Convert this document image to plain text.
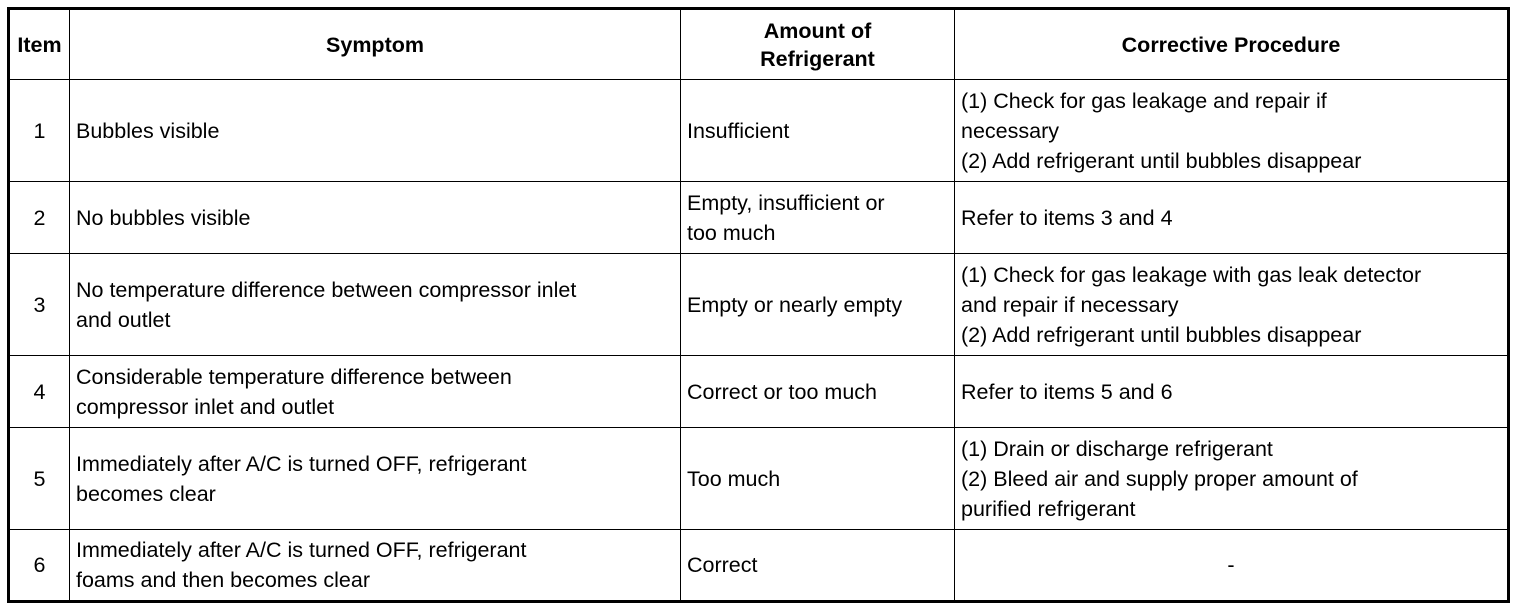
Item	Symptom	Amount of
Refrigerant	Corrective Procedure
1	Bubbles visible	Insufficient	(1) Check for gas leakage and repair if
necessary
(2) Add refrigerant until bubbles disappear
2	No bubbles visible	Empty, insufficient or
too much	Refer to items 3 and 4
3	No temperature difference between compressor inlet
and outlet	Empty or nearly empty	(1) Check for gas leakage with gas leak detector
and repair if necessary
(2) Add refrigerant until bubbles disappear
4	Considerable temperature difference between
compressor inlet and outlet	Correct or too much	Refer to items 5 and 6
5	Immediately after A/C is turned OFF, refrigerant
becomes clear	Too much	(1) Drain or discharge refrigerant
(2) Bleed air and supply proper amount of
purified refrigerant
6	Immediately after A/C is turned OFF, refrigerant
foams and then becomes clear	Correct	-
